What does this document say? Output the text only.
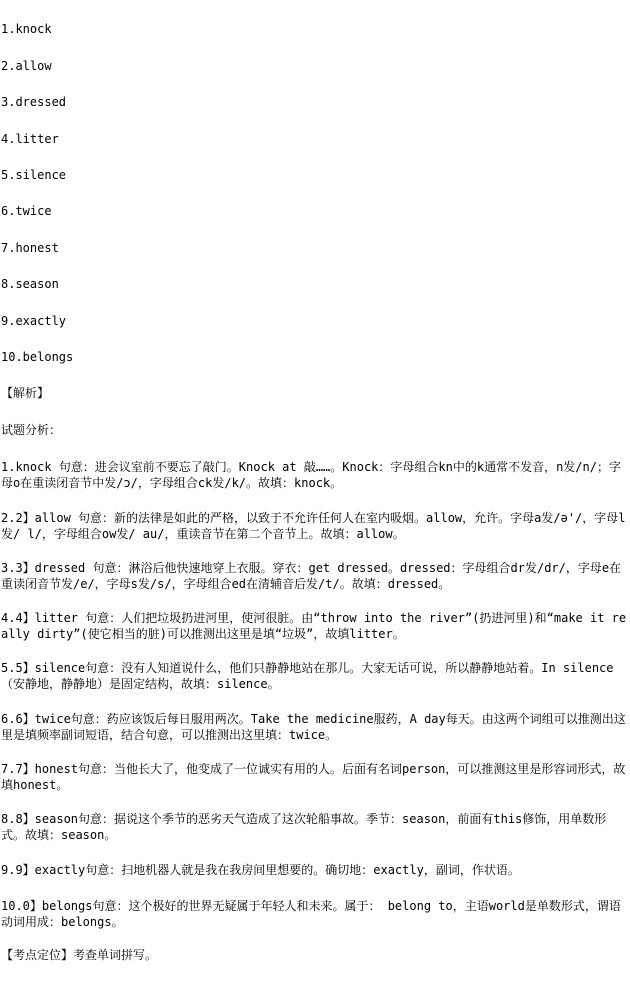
1.knock
2.allow
3.dressed
4.litter
5.silence
6.twice
7.honest
8.season
9.exactly
10.belongs
【解析】
试题分析：
1.knock 句意：进会议室前不要忘了敲门。Knock at 敲……。Knock：字母组合kn中的k通常不发音，n发/n/；字母o在重读闭音节中发/ɔ/，字母组合ck发/k/。故填：knock。
2.2】allow 句意：新的法律是如此的严格，以致于不允许任何人在室内吸烟。allow，允许。字母a发/ə'/，字母l发/ l/，字母组合ow发/ au/，重读音节在第二个音节上。故填：allow。
3.3】dressed 句意：淋浴后他快速地穿上衣服。穿衣：get dressed。dressed：字母组合dr发/dr/，字母e在重读闭音节发/e/，字母s发/s/，字母组合ed在清辅音后发/t/。故填：dressed。
4.4】litter 句意：人们把垃圾扔进河里，使河很脏。由“throw into the river”(扔进河里)和“make it really dirty”(使它相当的脏)可以推测出这里是填“垃圾”，故填litter。
5.5】silence句意：没有人知道说什么，他们只静静地站在那儿。大家无话可说，所以静静地站着。In silence（安静地，静静地）是固定结构，故填：silence。
6.6】twice句意：药应该饭后每日服用两次。Take the medicine服药，A day每天。由这两个词组可以推测出这里是填频率副词短语，结合句意，可以推测出这里填：twice。
7.7】honest句意：当他长大了，他变成了一位诚实有用的人。后面有名词person，可以推测这里是形容词形式，故填honest。
8.8】season句意：据说这个季节的恶劣天气造成了这次轮船事故。季节：season，前面有this修饰，用单数形式。故填：season。
9.9】exactly句意：扫地机器人就是我在我房间里想要的。确切地：exactly，副词，作状语。
10.0】belongs句意：这个极好的世界无疑属于年轻人和未来。属于： belong to，主语world是单数形式，谓语动词用成：belongs。
【考点定位】考查单词拼写。
